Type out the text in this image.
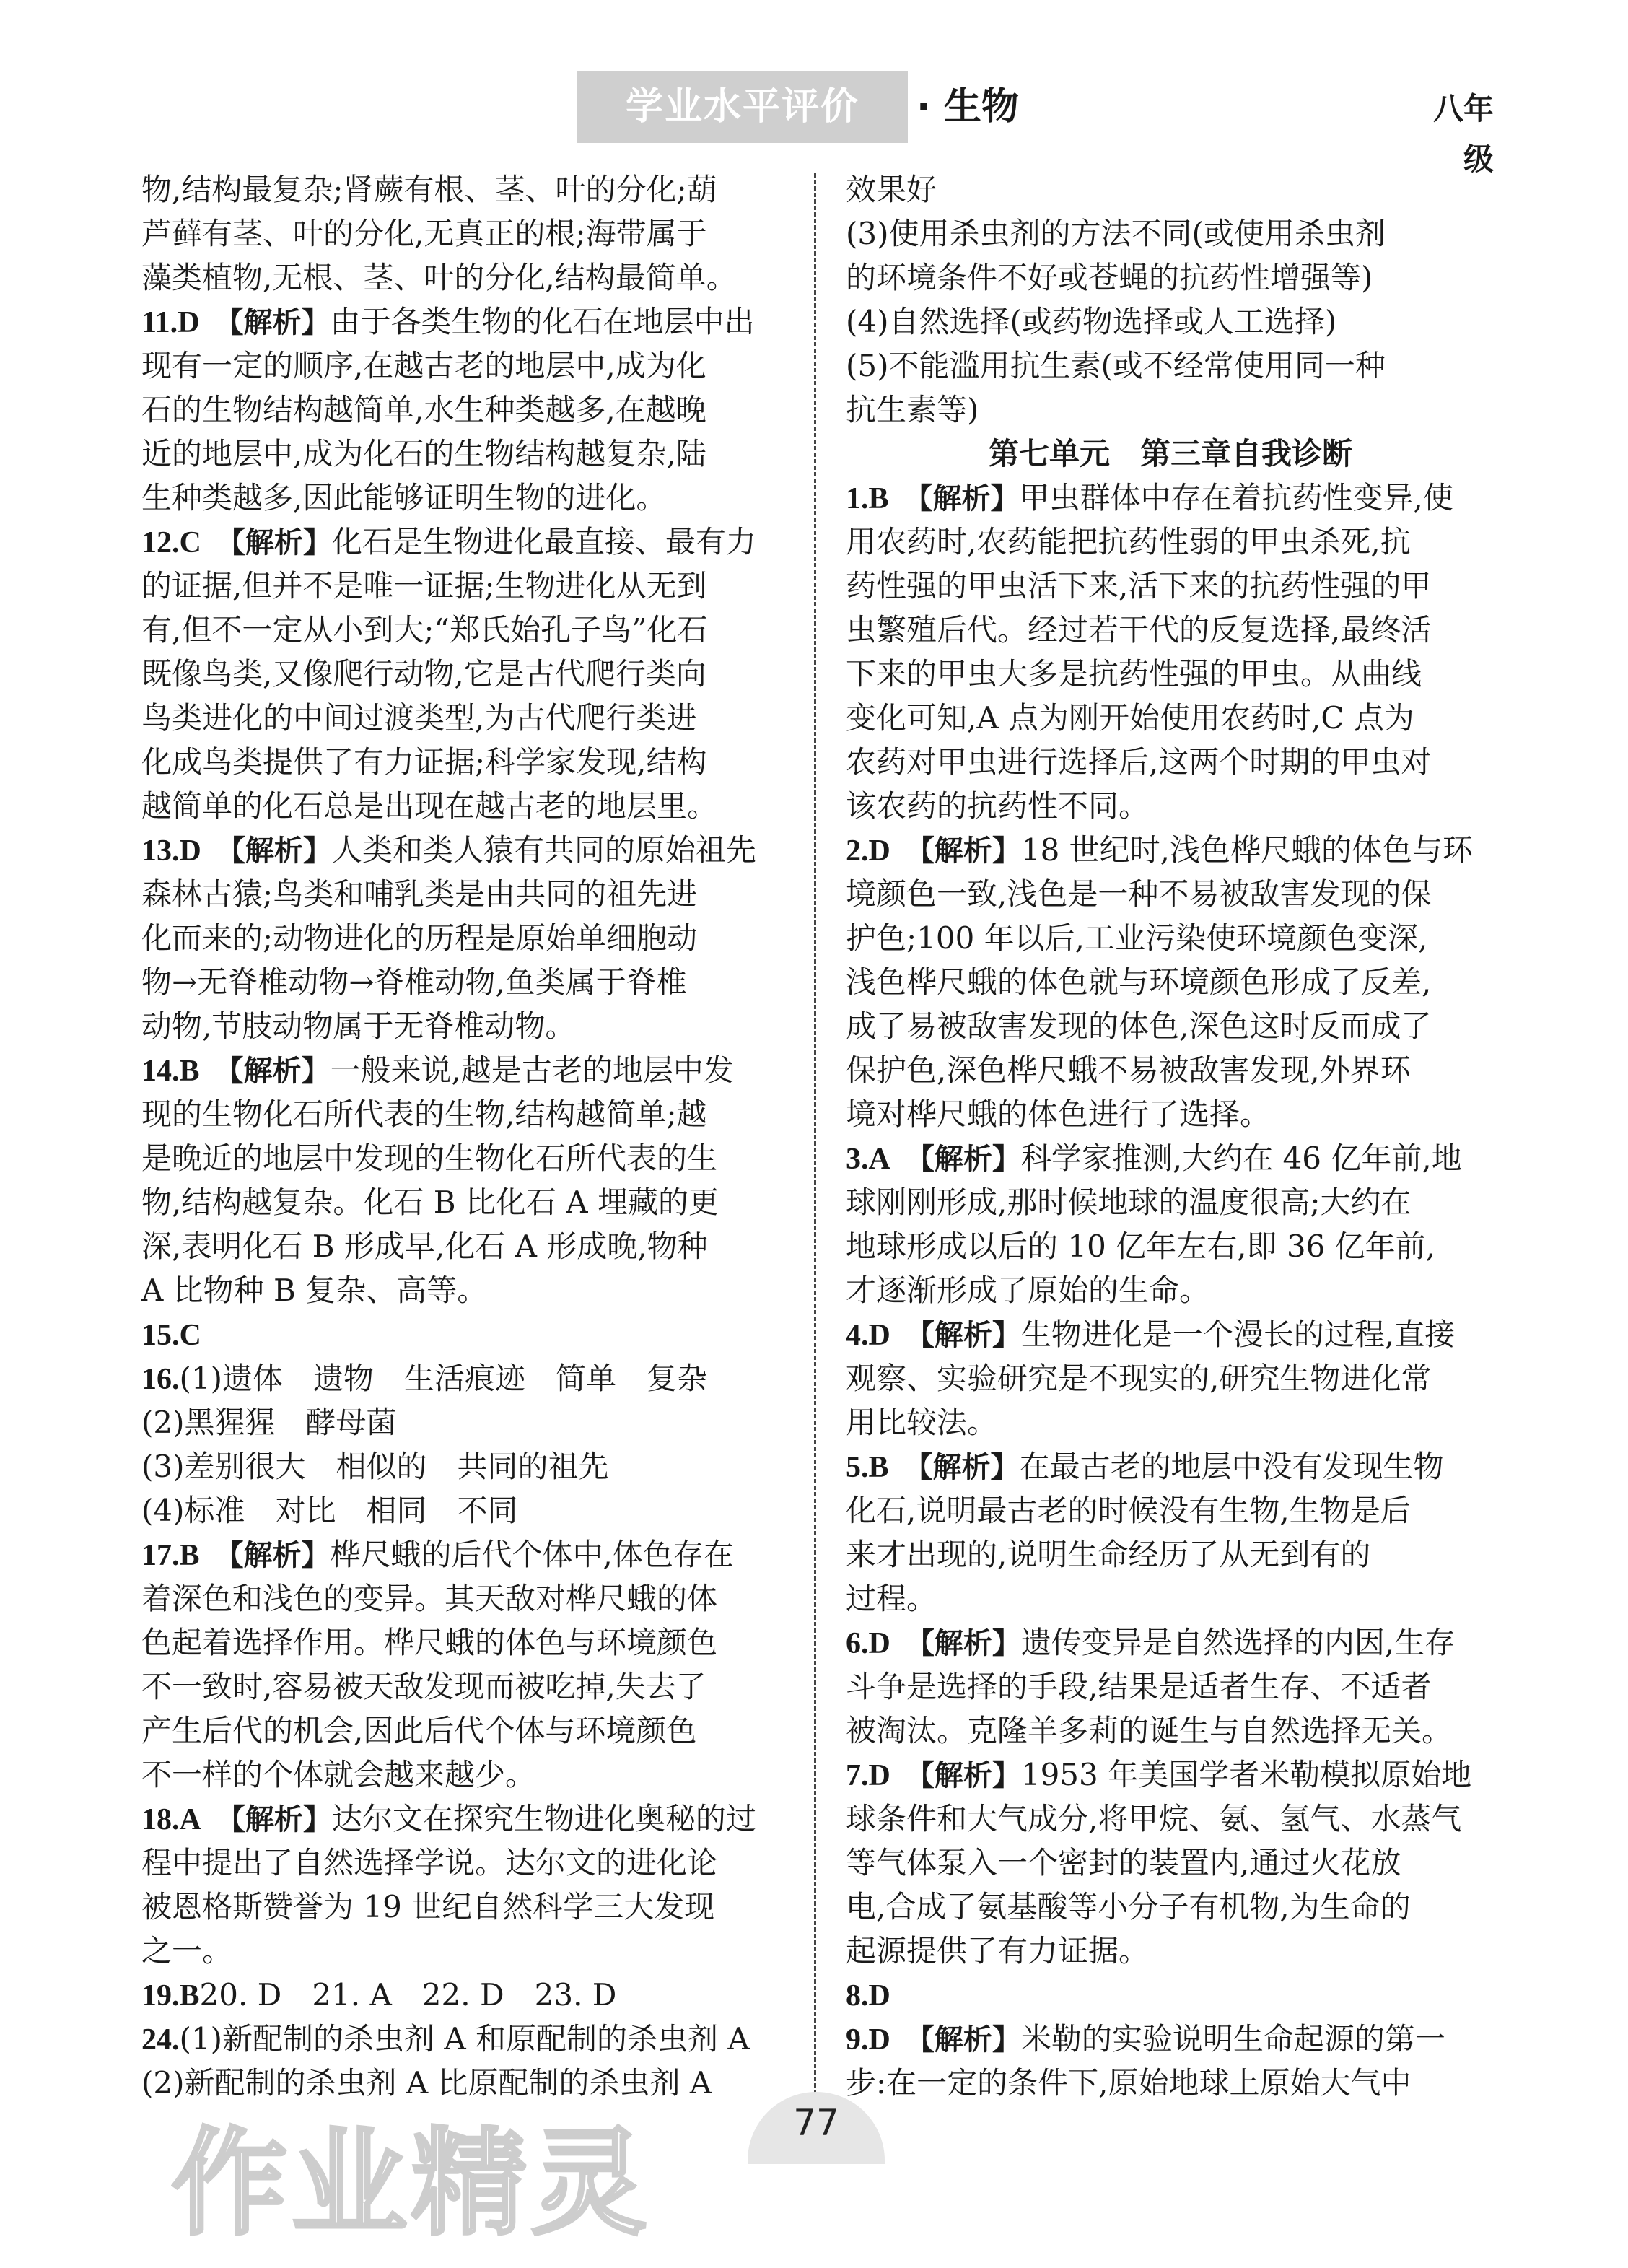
学业水平评价	· 生物	八年级
物,结构最复杂;肾蕨有根、茎、叶的分化;葫
芦藓有茎、叶的分化,无真正的根;海带属于
藻类植物,无根、茎、叶的分化,结构最简单。
11.D  【解析】由于各类生物的化石在地层中出
现有一定的顺序,在越古老的地层中,成为化
石的生物结构越简单,水生种类越多,在越晚
近的地层中,成为化石的生物结构越复杂,陆
生种类越多,因此能够证明生物的进化。
12.C  【解析】化石是生物进化最直接、最有力
的证据,但并不是唯一证据;生物进化从无到
有,但不一定从小到大;“郑氏始孔子鸟”化石
既像鸟类,又像爬行动物,它是古代爬行类向
鸟类进化的中间过渡类型,为古代爬行类进
化成鸟类提供了有力证据;科学家发现,结构
越简单的化石总是出现在越古老的地层里。
13.D  【解析】人类和类人猿有共同的原始祖先
森林古猿;鸟类和哺乳类是由共同的祖先进
化而来的;动物进化的历程是原始单细胞动
物→无脊椎动物→脊椎动物,鱼类属于脊椎
动物,节肢动物属于无脊椎动物。
14.B  【解析】一般来说,越是古老的地层中发
现的生物化石所代表的生物,结构越简单;越
是晚近的地层中发现的生物化石所代表的生
物,结构越复杂。化石 B 比化石 A 埋藏的更
深,表明化石 B 形成早,化石 A 形成晚,物种
A 比物种 B 复杂、高等。
15.C
16.(1)遗体　遗物　生活痕迹　简单　复杂
(2)黑猩猩　酵母菌
(3)差别很大　相似的　共同的祖先
(4)标准　对比　相同　不同
17.B  【解析】桦尺蛾的后代个体中,体色存在
着深色和浅色的变异。其天敌对桦尺蛾的体
色起着选择作用。桦尺蛾的体色与环境颜色
不一致时,容易被天敌发现而被吃掉,失去了
产生后代的机会,因此后代个体与环境颜色
不一样的个体就会越来越少。
18.A  【解析】达尔文在探究生物进化奥秘的过
程中提出了自然选择学说。达尔文的进化论
被恩格斯赞誉为 19 世纪自然科学三大发现
之一。
19.B20. D　21. A　22. D　23. D
24.(1)新配制的杀虫剂 A 和原配制的杀虫剂 A
(2)新配制的杀虫剂 A 比原配制的杀虫剂 A
效果好
(3)使用杀虫剂的方法不同(或使用杀虫剂
的环境条件不好或苍蝇的抗药性增强等)
(4)自然选择(或药物选择或人工选择)
(5)不能滥用抗生素(或不经常使用同一种
抗生素等)
第七单元　第三章自我诊断
1.B  【解析】甲虫群体中存在着抗药性变异,使
用农药时,农药能把抗药性弱的甲虫杀死,抗
药性强的甲虫活下来,活下来的抗药性强的甲
虫繁殖后代。经过若干代的反复选择,最终活
下来的甲虫大多是抗药性强的甲虫。从曲线
变化可知,A 点为刚开始使用农药时,C 点为
农药对甲虫进行选择后,这两个时期的甲虫对
该农药的抗药性不同。
2.D  【解析】18 世纪时,浅色桦尺蛾的体色与环
境颜色一致,浅色是一种不易被敌害发现的保
护色;100 年以后,工业污染使环境颜色变深,
浅色桦尺蛾的体色就与环境颜色形成了反差,
成了易被敌害发现的体色,深色这时反而成了
保护色,深色桦尺蛾不易被敌害发现,外界环
境对桦尺蛾的体色进行了选择。
3.A  【解析】科学家推测,大约在 46 亿年前,地
球刚刚形成,那时候地球的温度很高;大约在
地球形成以后的 10 亿年左右,即 36 亿年前,
才逐渐形成了原始的生命。
4.D  【解析】生物进化是一个漫长的过程,直接
观察、实验研究是不现实的,研究生物进化常
用比较法。
5.B  【解析】在最古老的地层中没有发现生物
化石,说明最古老的时候没有生物,生物是后
来才出现的,说明生命经历了从无到有的
过程。
6.D  【解析】遗传变异是自然选择的内因,生存
斗争是选择的手段,结果是适者生存、不适者
被淘汰。克隆羊多莉的诞生与自然选择无关。
7.D  【解析】1953 年美国学者米勒模拟原始地
球条件和大气成分,将甲烷、氨、氢气、水蒸气
等气体泵入一个密封的装置内,通过火花放
电,合成了氨基酸等小分子有机物,为生命的
起源提供了有力证据。
8.D
9.D  【解析】米勒的实验说明生命起源的第一
步:在一定的条件下,原始地球上原始大气中
77
作业精灵
